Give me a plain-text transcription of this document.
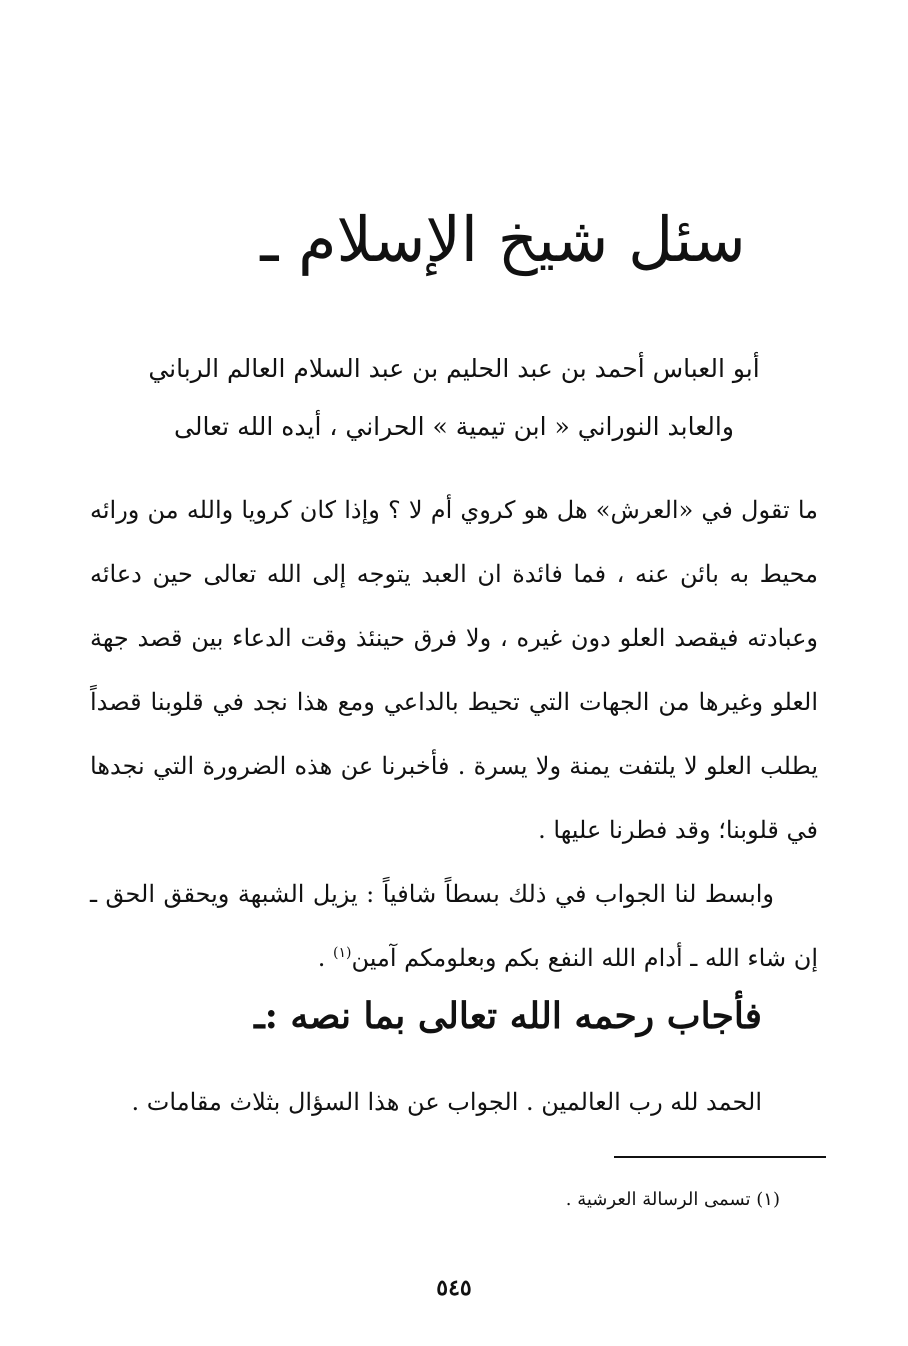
سئل شيخ الإسلام ـ
أبو العباس أحمد بن عبد الحليم بن عبد السلام العالم الرباني
والعابد النوراني « ابن تيمية » الحراني ، أيده الله تعالى

ما تقول في «العرش» هل هو كروي أم لا ؟ وإذا كان كرويا والله من ورائه محيط به بائن عنه ، فما فائدة ان العبد يتوجه إلى الله تعالى حين دعائه وعبادته فيقصد العلو دون غيره ، ولا فرق حينئذ وقت الدعاء بين قصد جهة العلو وغيرها من الجهات التي تحيط بالداعي ومع هذا نجد في قلوبنا قصداً يطلب العلو لا يلتفت يمنة ولا يسرة . فأخبرنا عن هذه الضرورة التي نجدها في قلوبنا؛ وقد فطرنا عليها .

وابسط لنا الجواب في ذلك بسطاً شافياً : يزيل الشبهة ويحقق الحق ـ إن شاء الله ـ أدام الله النفع بكم وبعلومكم آمين$^{(١)}$ .

فأجاب رحمه الله تعالى بما نصه :ـ
الحمد لله رب العالمين . الجواب عن هذا السؤال بثلاث مقامات .
(١) تسمى الرسالة العرشية .
٥٤٥
